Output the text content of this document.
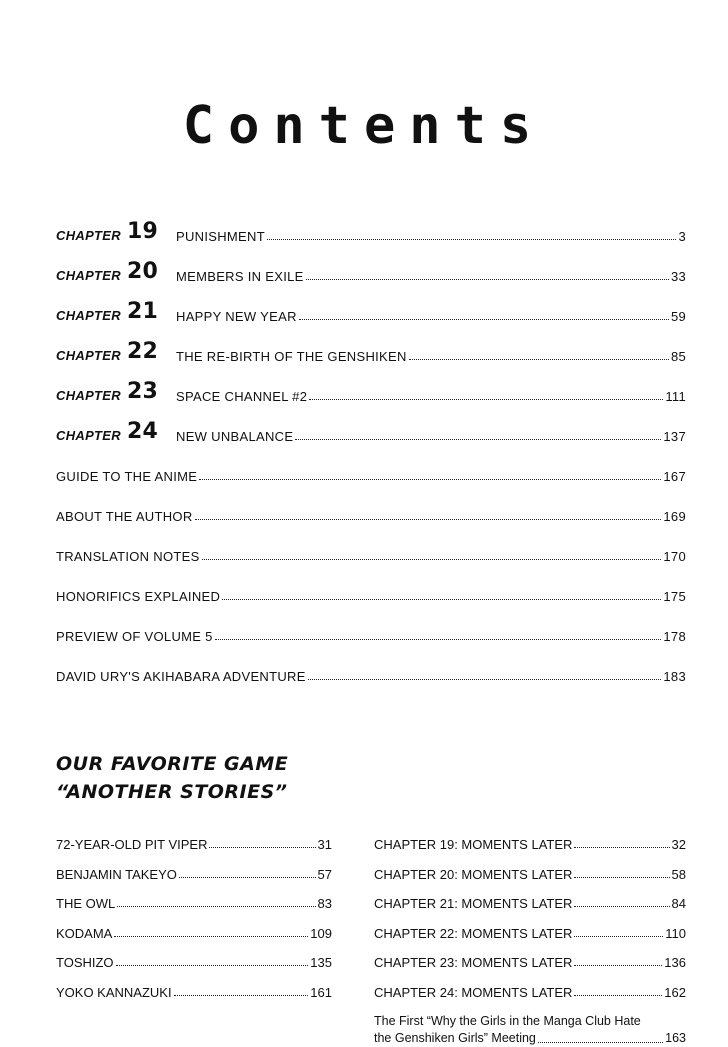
Contents
CHAPTER 19 PUNISHMENT	3
CHAPTER 20 MEMBERS IN EXILE	33
CHAPTER 21 HAPPY NEW YEAR	59
CHAPTER 22 THE RE-BIRTH OF THE GENSHIKEN	85
CHAPTER 23 SPACE CHANNEL #2	111
CHAPTER 24 NEW UNBALANCE	137
GUIDE TO THE ANIME	167
ABOUT THE AUTHOR	169
TRANSLATION NOTES	170
HONORIFICS EXPLAINED	175
PREVIEW OF VOLUME 5	178
DAVID URY'S AKIHABARA ADVENTURE	183
OUR FAVORITE GAME
“ANOTHER STORIES”
72-YEAR-OLD PIT VIPER	31
BENJAMIN TAKEYO	57
THE OWL	83
KODAMA	109
TOSHIZO	135
YOKO KANNAZUKI	161
CHAPTER 19: MOMENTS LATER	32
CHAPTER 20: MOMENTS LATER	58
CHAPTER 21: MOMENTS LATER	84
CHAPTER 22: MOMENTS LATER	110
CHAPTER 23: MOMENTS LATER	136
CHAPTER 24: MOMENTS LATER	162
The First “Why the Girls in the Manga Club Hate
the Genshiken Girls” Meeting	163
